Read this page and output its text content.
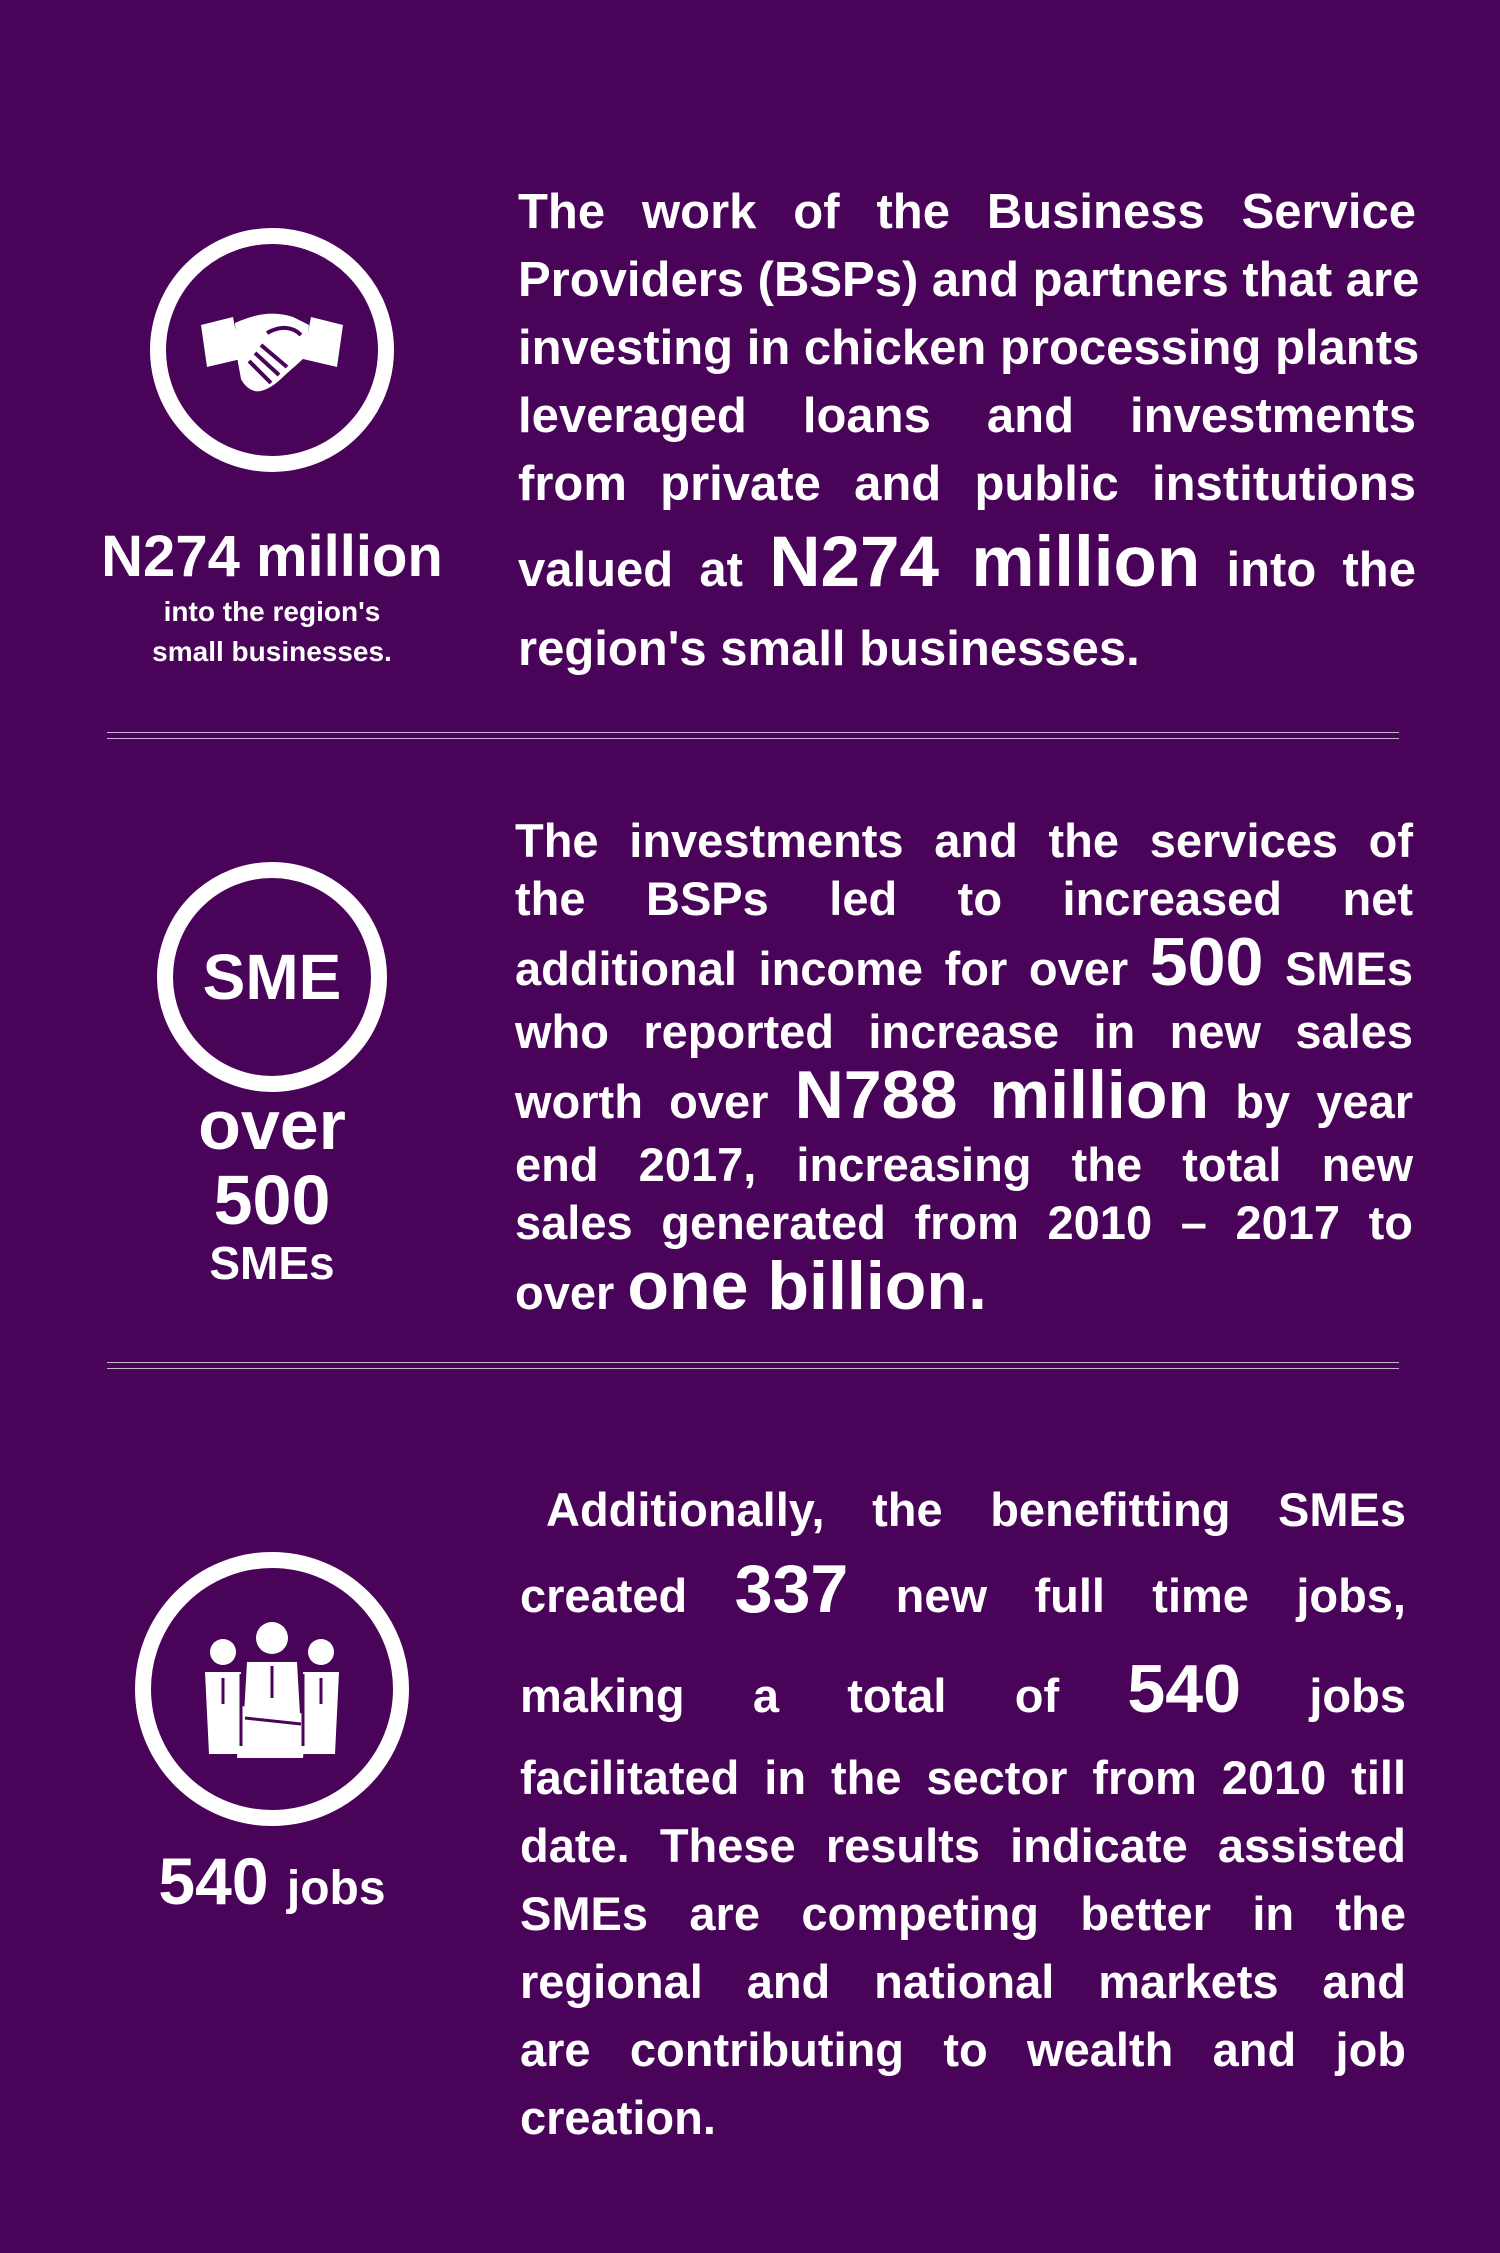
N274 million
into the region's
small businesses.
The work of the Business Service
Providers (BSPs) and partners that are
investing in chicken processing plants
leveraged loans and investments
from private and public institutions
valued at N274 million into the
region's small businesses.
SME
over
500
SMEs
The investments and the services of
the BSPs led to increased net
additional income for over 500 SMEs
who reported increase in new sales
worth over N788 million by year
end 2017, increasing the total new
sales generated from 2010 – 2017 to
over one billion.
540 jobs
Additionally, the benefitting SMEs
created 337 new full time jobs,
making a total of 540 jobs
facilitated in the sector from 2010 till
date. These results indicate assisted
SMEs are competing better in the
regional and national markets and
are contributing to wealth and job
creation.
